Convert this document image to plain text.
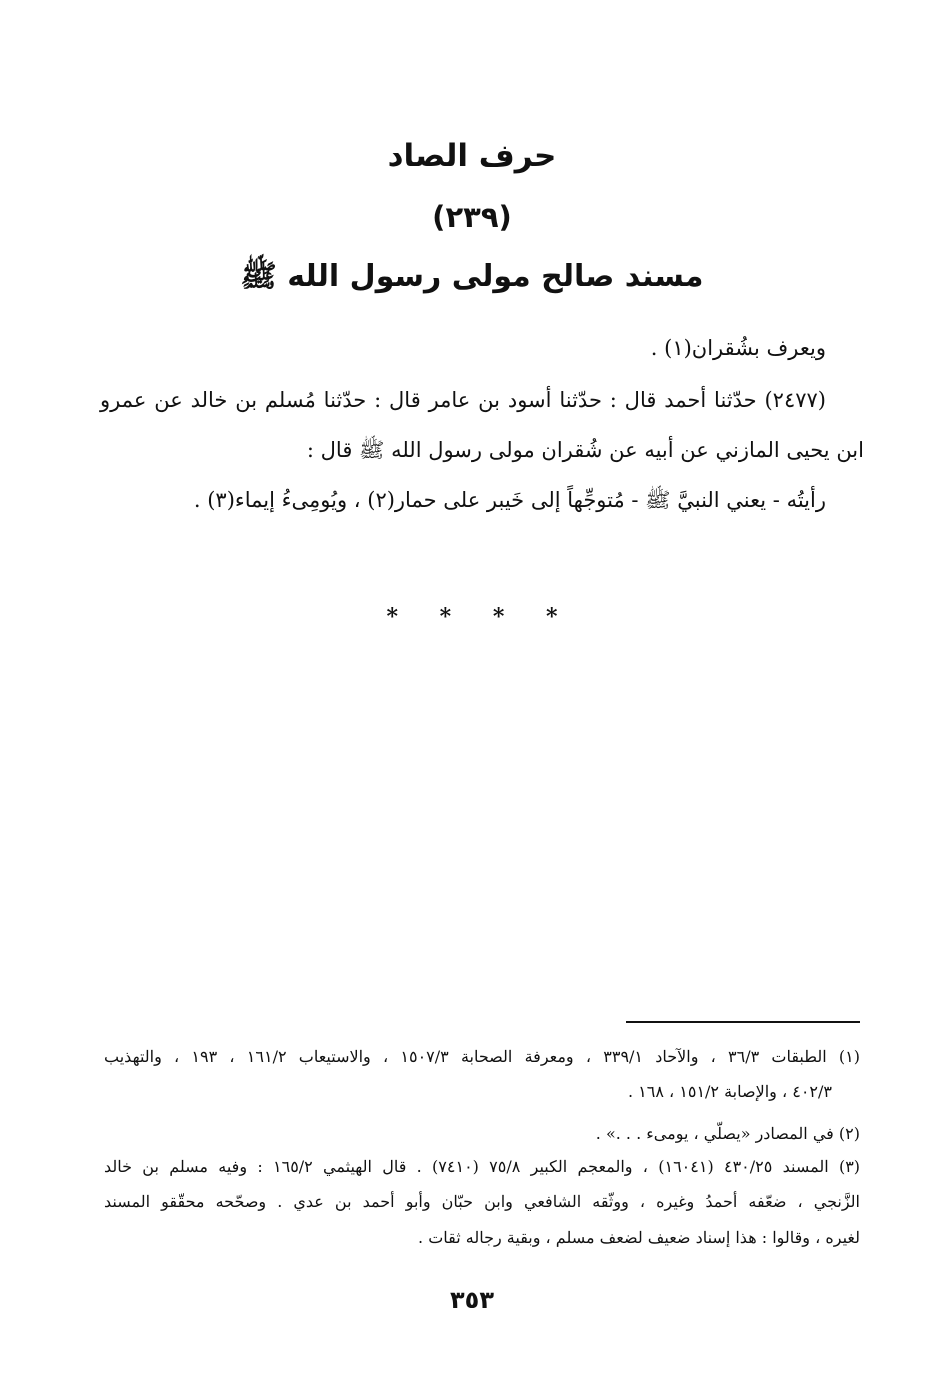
حرف الصاد
(٢٣٩)
مسند صالح مولى رسول الله ﷺ
ويعرف بشُقران(١) .
(٢٤٧٧) حدّثنا أحمد قال : حدّثنا أسود بن عامر قال : حدّثنا مُسلم بن خالد عن عمرو
ابن يحيى المازني عن أبيه عن شُقران مولى رسول الله ﷺ قال :
رأيتُه - يعني النبيَّ ﷺ - مُتوجِّهاً إلى خَيبر على حمار(٢) ، ويُومِىءُ إيماء(٣) .
* * * *
(١) الطبقات ٣٦/٣ ، والآحاد ٣٣٩/١ ، ومعرفة الصحابة ١٥٠٧/٣ ، والاستيعاب ١٦١/٢ ، ١٩٣ ، والتهذيب
٤٠٢/٣ ، والإصابة ١٥١/٢ ، ١٦٨ .
(٢) في المصادر «يصلّي ، يومىء . . .» .
(٣) المسند ٤٣٠/٢٥ (١٦٠٤١) ، والمعجم الكبير ٧٥/٨ (٧٤١٠) . قال الهيثمي ١٦٥/٢ : وفيه مسلم بن خالد
الزَّنجي ، ضعّفه أحمدُ وغيره ، ووثّقه الشافعي وابن حبّان وأبو أحمد بن عدي . وصحّحه محقّقو المسند
لغيره ، وقالوا : هذا إسناد ضعيف لضعف مسلم ، وبقية رجاله ثقات .
٣٥٣
